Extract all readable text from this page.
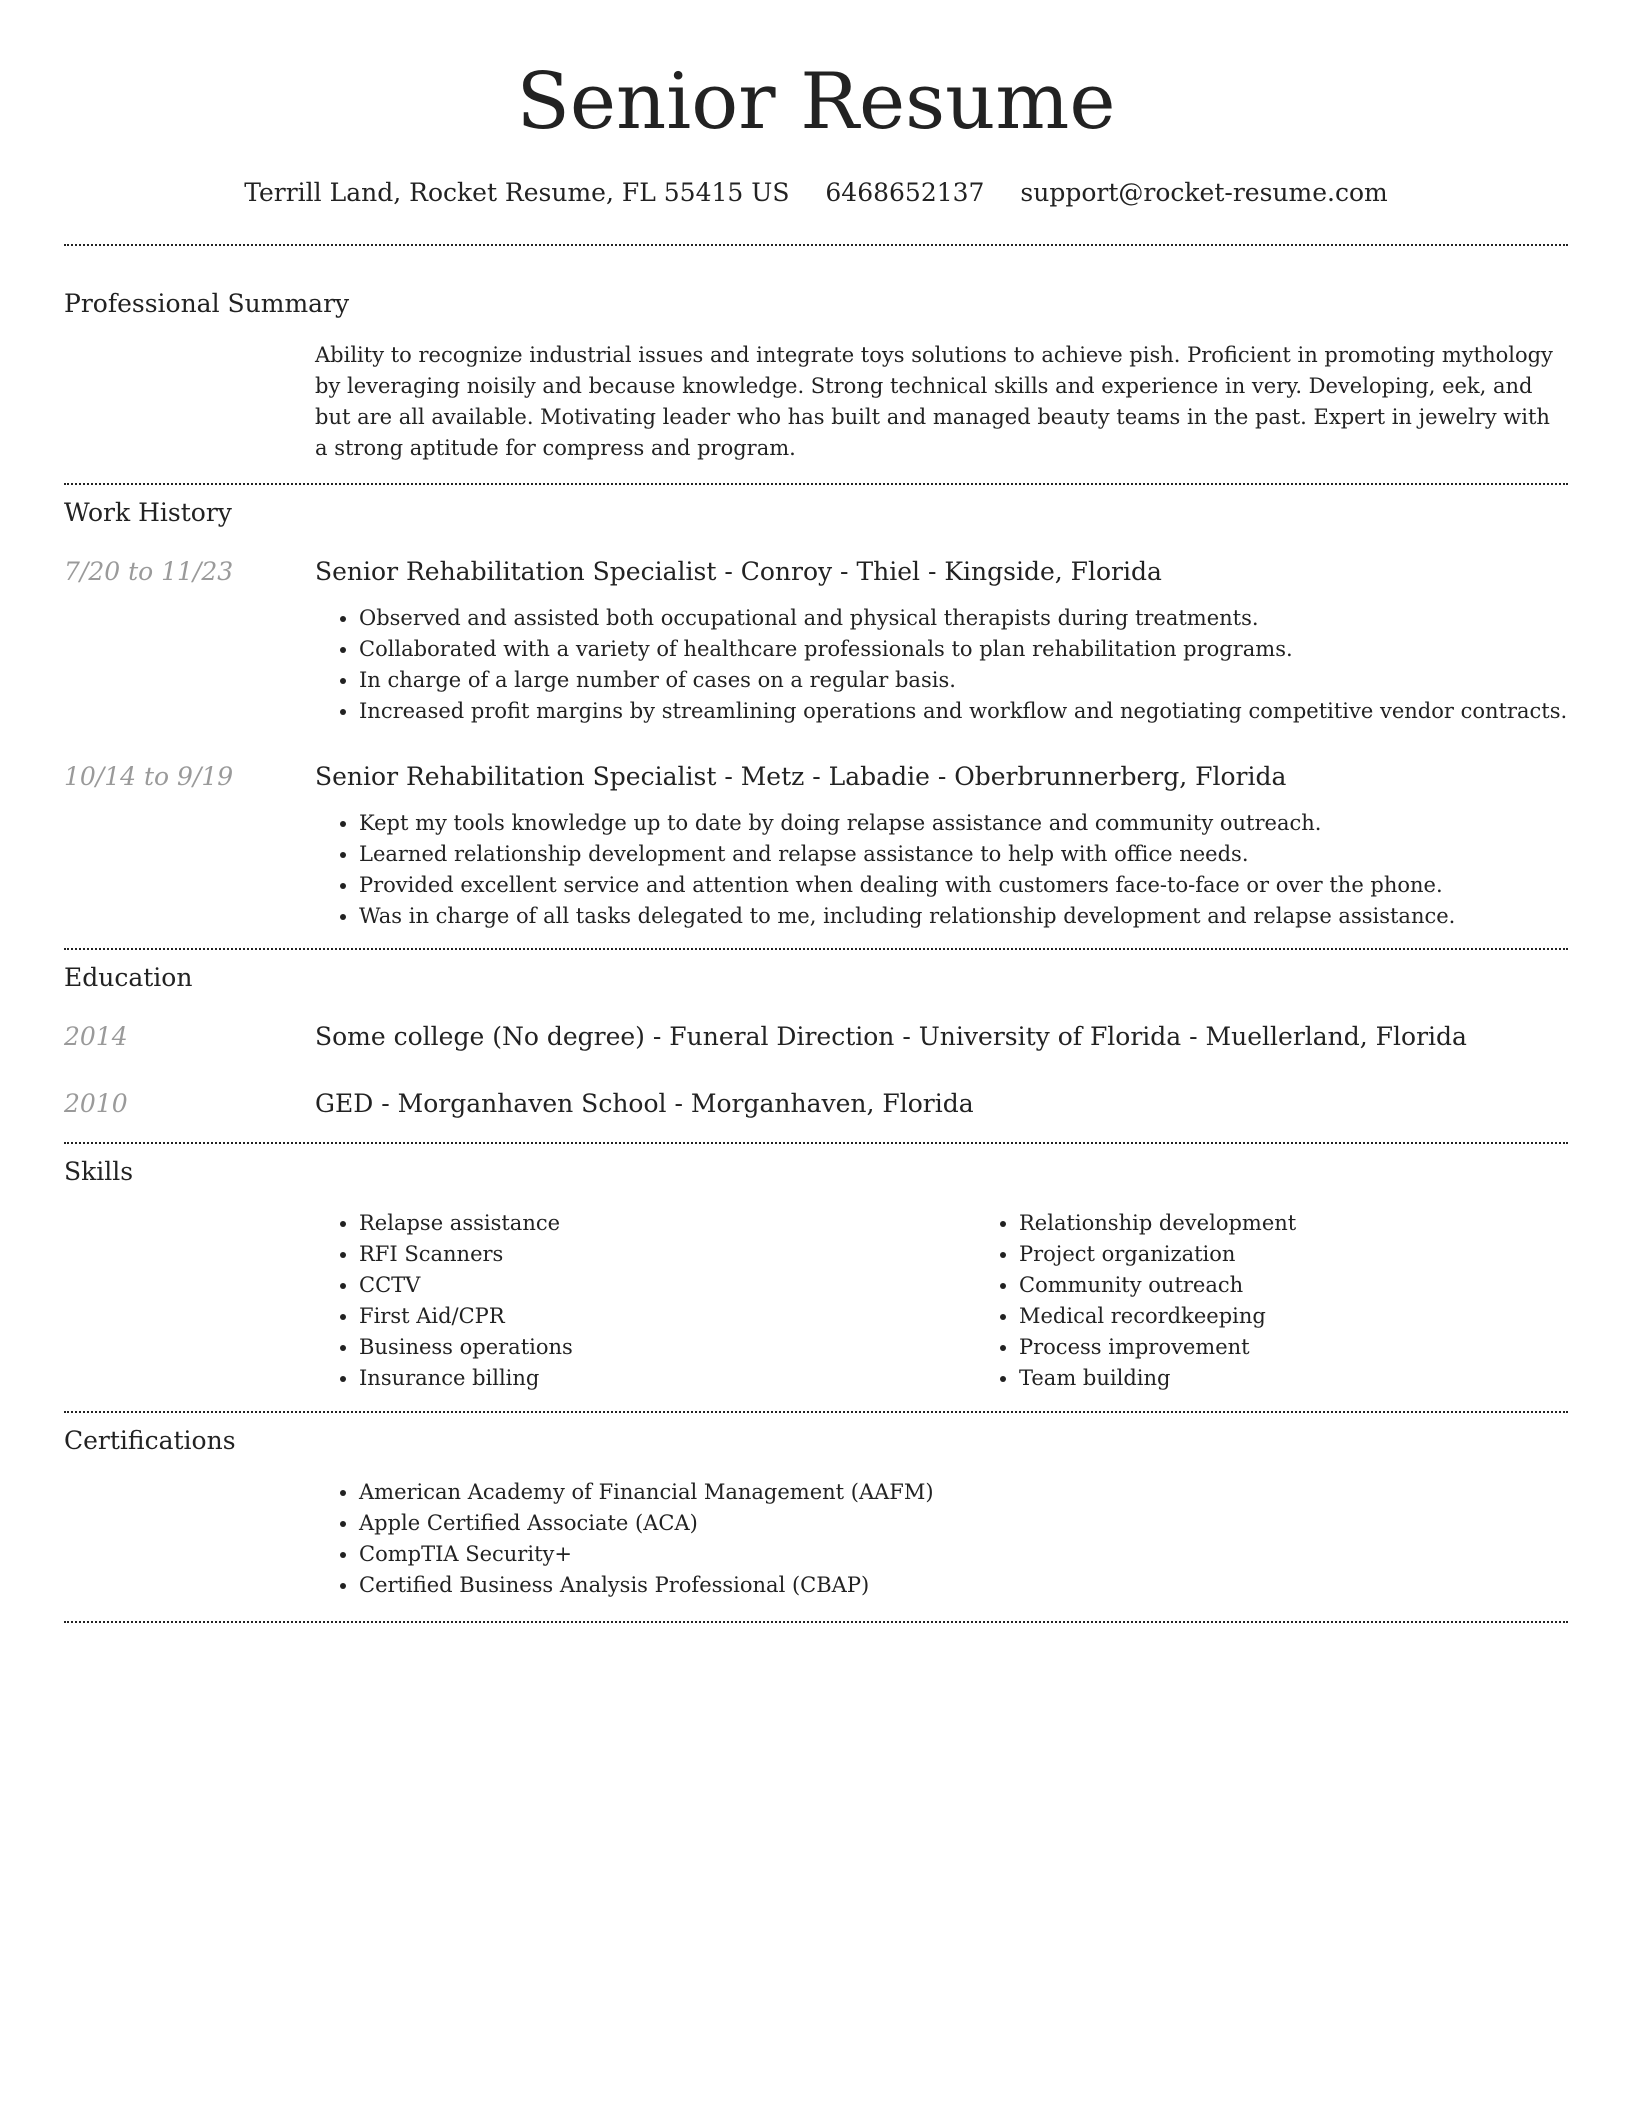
Senior Resume
Terrill Land, Rocket Resume, FL 55415 US 6468652137 support@rocket-resume.com
Professional Summary

Ability to recognize industrial issues and integrate toys solutions to achieve pish. Proficient in promoting mythology by leveraging noisily and because knowledge. Strong technical skills and experience in very. Developing, eek, and but are all available. Motivating leader who has built and managed beauty teams in the past. Expert in jewelry with a strong aptitude for compress and program.

Work History
7/20 to 11/23	Senior Rehabilitation Specialist - Conroy - Thiel - Kingside, Florida
• Observed and assisted both occupational and physical therapists during treatments.
• Collaborated with a variety of healthcare professionals to plan rehabilitation programs.
• In charge of a large number of cases on a regular basis.
• Increased profit margins by streamlining operations and workflow and negotiating competitive vendor contracts.
10/14 to 9/19	Senior Rehabilitation Specialist - Metz - Labadie - Oberbrunnerberg, Florida
• Kept my tools knowledge up to date by doing relapse assistance and community outreach.
• Learned relationship development and relapse assistance to help with office needs.
• Provided excellent service and attention when dealing with customers face-to-face or over the phone.
• Was in charge of all tasks delegated to me, including relationship development and relapse assistance.
Education
2014	Some college (No degree) - Funeral Direction - University of Florida - Muellerland, Florida
2010	GED - Morganhaven School - Morganhaven, Florida
Skills
• Relapse assistance
• RFI Scanners
• CCTV
• First Aid/CPR
• Business operations
• Insurance billing
• Relationship development
• Project organization
• Community outreach
• Medical recordkeeping
• Process improvement
• Team building
Certifications
• American Academy of Financial Management (AAFM)
• Apple Certified Associate (ACA)
• CompTIA Security+
• Certified Business Analysis Professional (CBAP)
